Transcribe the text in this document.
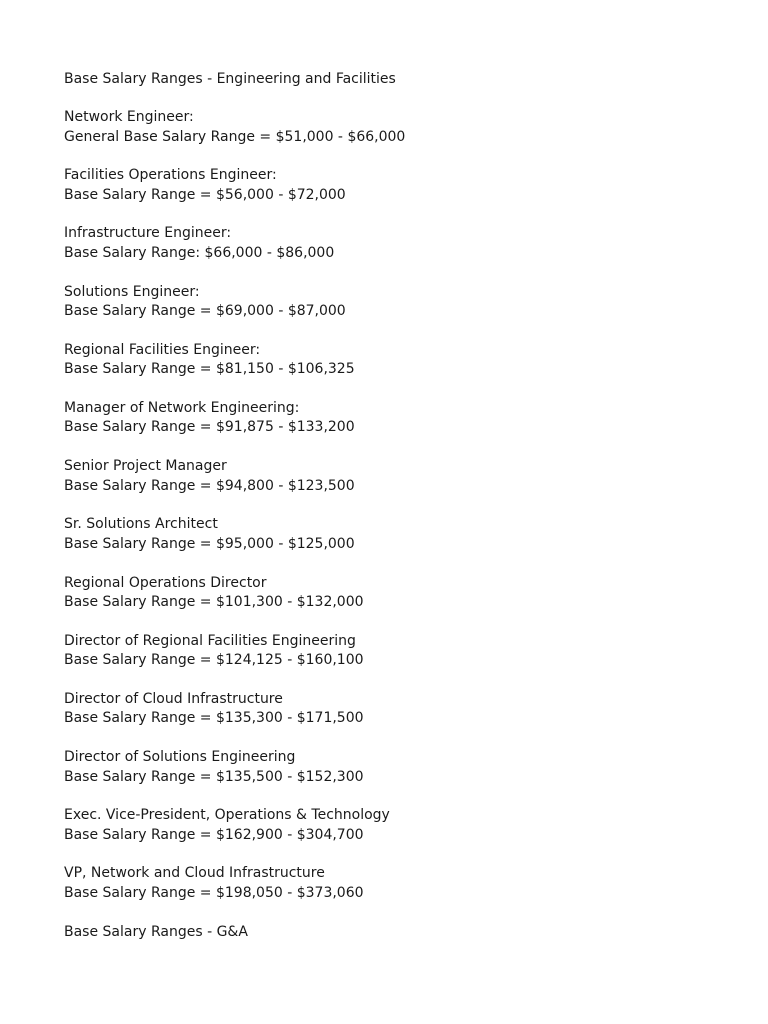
Base Salary Ranges - Engineering and Facilities
Network Engineer:
General Base Salary Range = $51,000 - $66,000
Facilities Operations Engineer:
Base Salary Range = $56,000 - $72,000
Infrastructure Engineer:
Base Salary Range: $66,000 - $86,000
Solutions Engineer:
Base Salary Range = $69,000 - $87,000
Regional Facilities Engineer:
Base Salary Range = $81,150 - $106,325
Manager of Network Engineering:
Base Salary Range = $91,875 - $133,200
Senior Project Manager
Base Salary Range = $94,800 - $123,500
Sr. Solutions Architect
Base Salary Range = $95,000 - $125,000
Regional Operations Director
Base Salary Range = $101,300 - $132,000
Director of Regional Facilities Engineering
Base Salary Range = $124,125 - $160,100
Director of Cloud Infrastructure
Base Salary Range = $135,300 - $171,500
Director of Solutions Engineering
Base Salary Range = $135,500 - $152,300
Exec. Vice-President, Operations & Technology
Base Salary Range = $162,900 - $304,700
VP, Network and Cloud Infrastructure
Base Salary Range = $198,050 - $373,060
Base Salary Ranges - G&A
